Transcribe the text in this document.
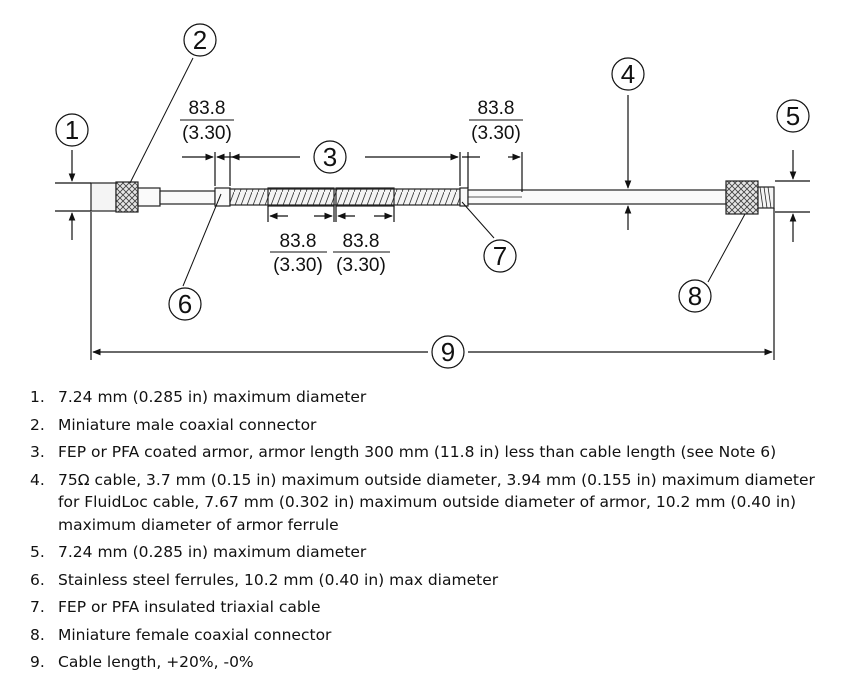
1
2
3
4
5
6
7
8
9
83.8
(3.30)
83.8
(3.30)
83.8
(3.30)
83.8
(3.30)
1. 7.24 mm (0.285 in) maximum diameter
2. Miniature male coaxial connector
3. FEP or PFA coated armor, armor length 300 mm (11.8 in) less than cable length (see Note 6)
4. 75Ω cable, 3.7 mm (0.15 in) maximum outside diameter, 3.94 mm (0.155 in) maximum diameter for FluidLoc cable, 7.67 mm (0.302 in) maximum outside diameter of armor, 10.2 mm (0.40 in) maximum diameter of armor ferrule
5. 7.24 mm (0.285 in) maximum diameter
6. Stainless steel ferrules, 10.2 mm (0.40 in) max diameter
7. FEP or PFA insulated triaxial cable
8. Miniature female coaxial connector
9. Cable length, +20%, -0%
